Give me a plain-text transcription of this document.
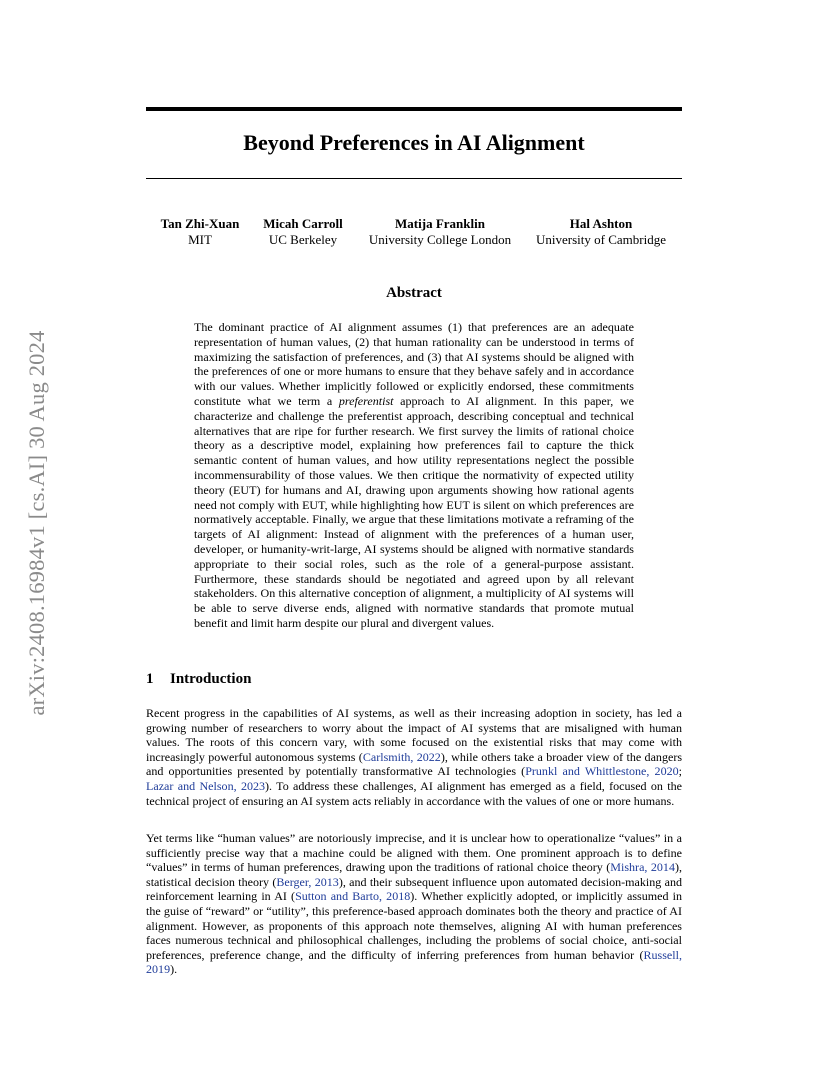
arXiv:2408.16984v1 [cs.AI] 30 Aug 2024
Beyond Preferences in AI Alignment
Tan Zhi-Xuan
MIT
Micah Carroll
UC Berkeley
Matija Franklin
University College London
Hal Ashton
University of Cambridge
Abstract

The dominant practice of AI alignment assumes (1) that preferences are an adequate representation of human values, (2) that human rationality can be understood in terms of maximizing the satisfaction of preferences, and (3) that AI systems should be aligned with the preferences of one or more humans to ensure that they behave safely and in accordance with our values. Whether implicitly followed or explicitly endorsed, these commitments constitute what we term a preferentist approach to AI alignment. In this paper, we characterize and challenge the preferentist approach, describing conceptual and technical alternatives that are ripe for further research. We first survey the limits of rational choice theory as a descriptive model, explaining how preferences fail to capture the thick semantic content of human values, and how utility representations neglect the possible incommensurability of those values. We then critique the normativity of expected utility theory (EUT) for humans and AI, drawing upon arguments showing how rational agents need not comply with EUT, while highlighting how EUT is silent on which preferences are normatively acceptable. Finally, we argue that these limitations motivate a reframing of the targets of AI alignment: Instead of alignment with the preferences of a human user, developer, or humanity-writ-large, AI systems should be aligned with normative standards appropriate to their social roles, such as the role of a general-purpose assistant. Furthermore, these standards should be negotiated and agreed upon by all relevant stakeholders. On this alternative conception of alignment, a multiplicity of AI systems will be able to serve diverse ends, aligned with normative standards that promote mutual benefit and limit harm despite our plural and divergent values.

1 Introduction

Recent progress in the capabilities of AI systems, as well as their increasing adoption in society, has led a growing number of researchers to worry about the impact of AI systems that are misaligned with human values. The roots of this concern vary, with some focused on the existential risks that may come with increasingly powerful autonomous systems (Carlsmith, 2022), while others take a broader view of the dangers and opportunities presented by potentially transformative AI technologies (Prunkl and Whittlestone, 2020; Lazar and Nelson, 2023). To address these challenges, AI alignment has emerged as a field, focused on the technical project of ensuring an AI system acts reliably in accordance with the values of one or more humans.

Yet terms like “human values” are notoriously imprecise, and it is unclear how to operationalize “values” in a sufficiently precise way that a machine could be aligned with them. One prominent approach is to define “values” in terms of human preferences, drawing upon the traditions of rational choice theory (Mishra, 2014), statistical decision theory (Berger, 2013), and their subsequent influence upon automated decision-making and reinforcement learning in AI (Sutton and Barto, 2018). Whether explicitly adopted, or implicitly assumed in the guise of “reward” or “utility”, this preference-based approach dominates both the theory and practice of AI alignment. However, as proponents of this approach note themselves, aligning AI with human preferences faces numerous technical and philosophical challenges, including the problems of social choice, anti-social preferences, preference change, and the difficulty of inferring preferences from human behavior (Russell, 2019).
